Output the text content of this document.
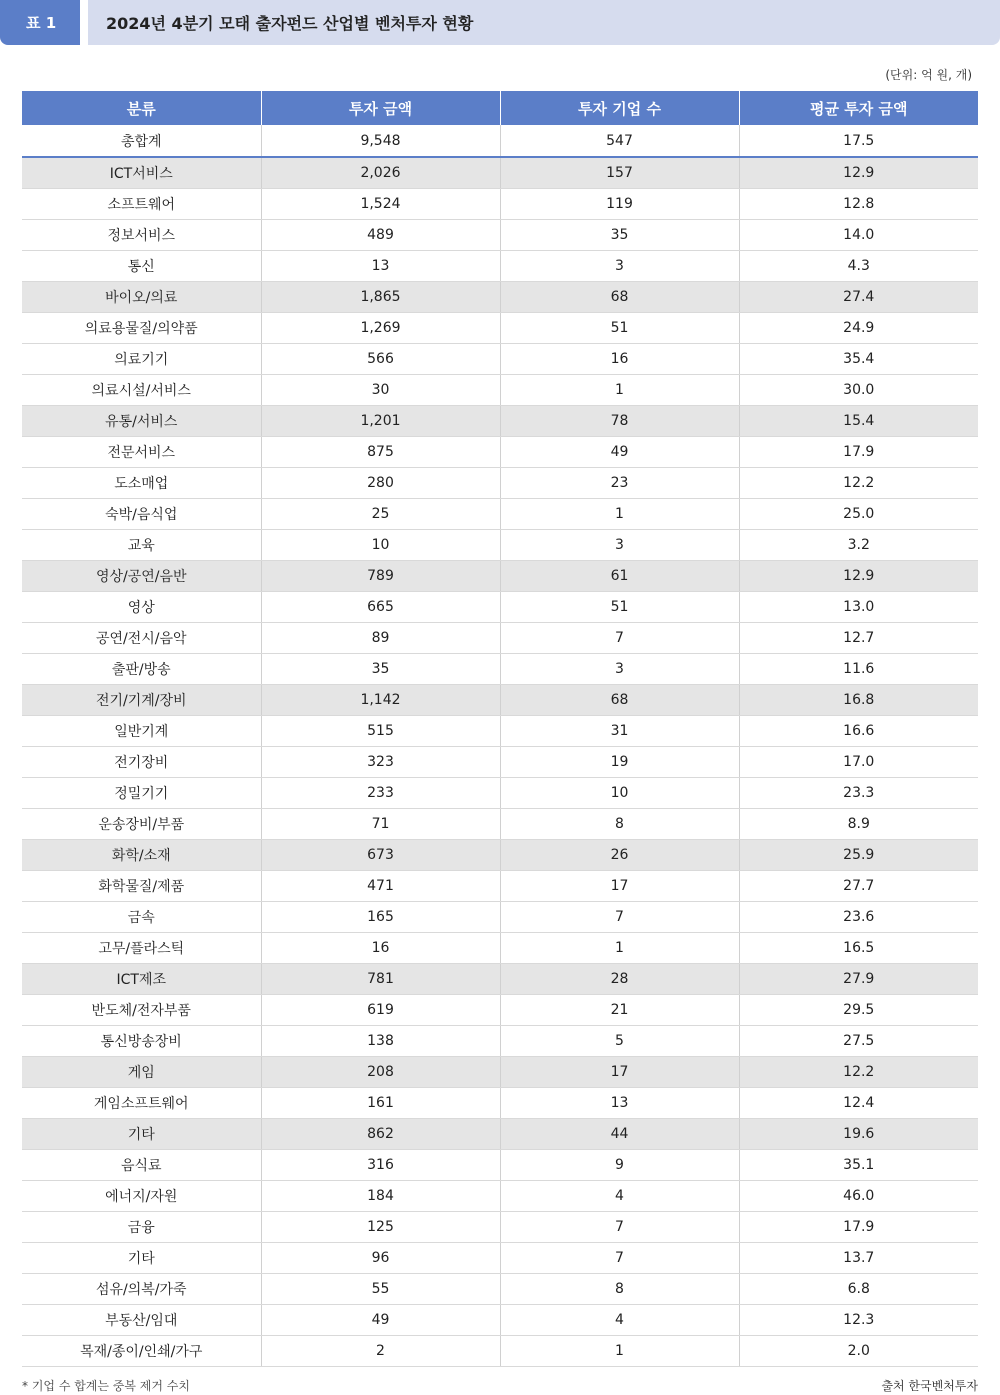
표 1	2024년 4분기 모태 출자펀드 산업별 벤처투자 현황
(단위: 억 원, 개)
분류	투자 금액	투자 기업 수	평균 투자 금액
총합계	9,548	547	17.5
ICT서비스	2,026	157	12.9
소프트웨어	1,524	119	12.8
정보서비스	489	35	14.0
통신	13	3	4.3
바이오/의료	1,865	68	27.4
의료용물질/의약품	1,269	51	24.9
의료기기	566	16	35.4
의료시설/서비스	30	1	30.0
유통/서비스	1,201	78	15.4
전문서비스	875	49	17.9
도소매업	280	23	12.2
숙박/음식업	25	1	25.0
교육	10	3	3.2
영상/공연/음반	789	61	12.9
영상	665	51	13.0
공연/전시/음악	89	7	12.7
출판/방송	35	3	11.6
전기/기계/장비	1,142	68	16.8
일반기계	515	31	16.6
전기장비	323	19	17.0
정밀기기	233	10	23.3
운송장비/부품	71	8	8.9
화학/소재	673	26	25.9
화학물질/제품	471	17	27.7
금속	165	7	23.6
고무/플라스틱	16	1	16.5
ICT제조	781	28	27.9
반도체/전자부품	619	21	29.5
통신방송장비	138	5	27.5
게임	208	17	12.2
게임소프트웨어	161	13	12.4
기타	862	44	19.6
음식료	316	9	35.1
에너지/자원	184	4	46.0
금융	125	7	17.9
기타	96	7	13.7
섬유/의복/가죽	55	8	6.8
부동산/임대	49	4	12.3
목재/종이/인쇄/가구	2	1	2.0
* 기업 수 합계는 중복 제거 수치	출처 한국벤처투자
